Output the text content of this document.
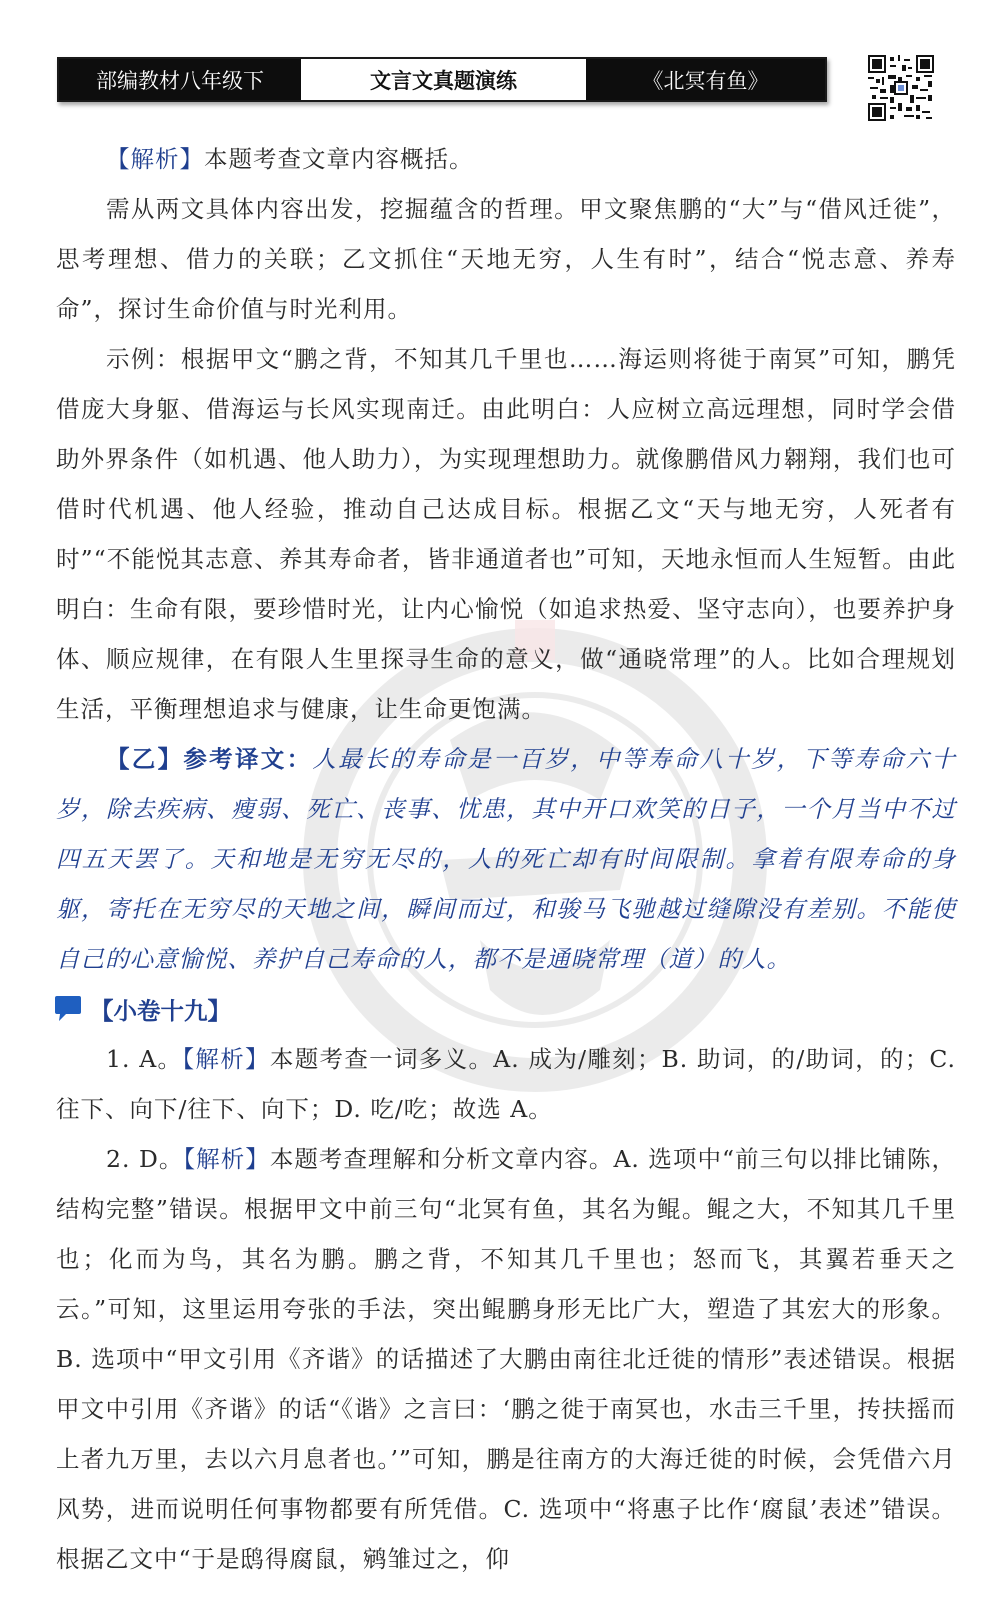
部编教材八年级下	文言文真题演练	《北冥有鱼》

【解析】本题考查文章内容概括。

需从两文具体内容出发，挖掘蕴含的哲理。甲文聚焦鹏的“大”与“借风迁徙”，思考理想、借力的关联；乙文抓住“天地无穷，人生有时”，结合“悦志意、养寿命”，探讨生命价值与时光利用。

示例：根据甲文“鹏之背，不知其几千里也……海运则将徙于南冥”可知，鹏凭借庞大身躯、借海运与长风实现南迁。由此明白：人应树立高远理想，同时学会借助外界条件（如机遇、他人助力），为实现理想助力。就像鹏借风力翱翔，我们也可借时代机遇、他人经验，推动自己达成目标。根据乙文“天与地无穷，人死者有时”“不能悦其志意、养其寿命者，皆非通道者也”可知，天地永恒而人生短暂。由此明白：生命有限，要珍惜时光，让内心愉悦（如追求热爱、坚守志向），也要养护身体、顺应规律，在有限人生里探寻生命的意义，做“通晓常理”的人。比如合理规划生活，平衡理想追求与健康，让生命更饱满。

【乙】参考译文：人最长的寿命是一百岁，中等寿命八十岁，下等寿命六十岁，除去疾病、瘦弱、死亡、丧事、忧患，其中开口欢笑的日子，一个月当中不过四五天罢了。天和地是无穷无尽的，人的死亡却有时间限制。拿着有限寿命的身躯，寄托在无穷尽的天地之间，瞬间而过，和骏马飞驰越过缝隙没有差别。不能使自己的心意愉悦、养护自己寿命的人，都不是通晓常理（道）的人。

【小卷十九】

1. A。【解析】本题考查一词多义。A. 成为/雕刻；B. 助词，的/助词，的；C. 往下、向下/往下、向下；D. 吃/吃；故选 A。

2. D。【解析】本题考查理解和分析文章内容。A. 选项中“前三句以排比铺陈，结构完整”错误。根据甲文中前三句“北冥有鱼，其名为鲲。鲲之大，不知其几千里也；化而为鸟，其名为鹏。鹏之背，不知其几千里也；怒而飞，其翼若垂天之云。”可知，这里运用夸张的手法，突出鲲鹏身形无比广大，塑造了其宏大的形象。B. 选项中“甲文引用《齐谐》的话描述了大鹏由南往北迁徙的情形”表述错误。根据甲文中引用《齐谐》的话“《谐》之言曰：‘鹏之徙于南冥也，水击三千里，抟扶摇而上者九万里，去以六月息者也。’”可知，鹏是往南方的大海迁徙的时候，会凭借六月风势，进而说明任何事物都要有所凭借。C. 选项中“将惠子比作‘腐鼠’表述”错误。根据乙文中“于是鸱得腐鼠，鹓雏过之，仰
